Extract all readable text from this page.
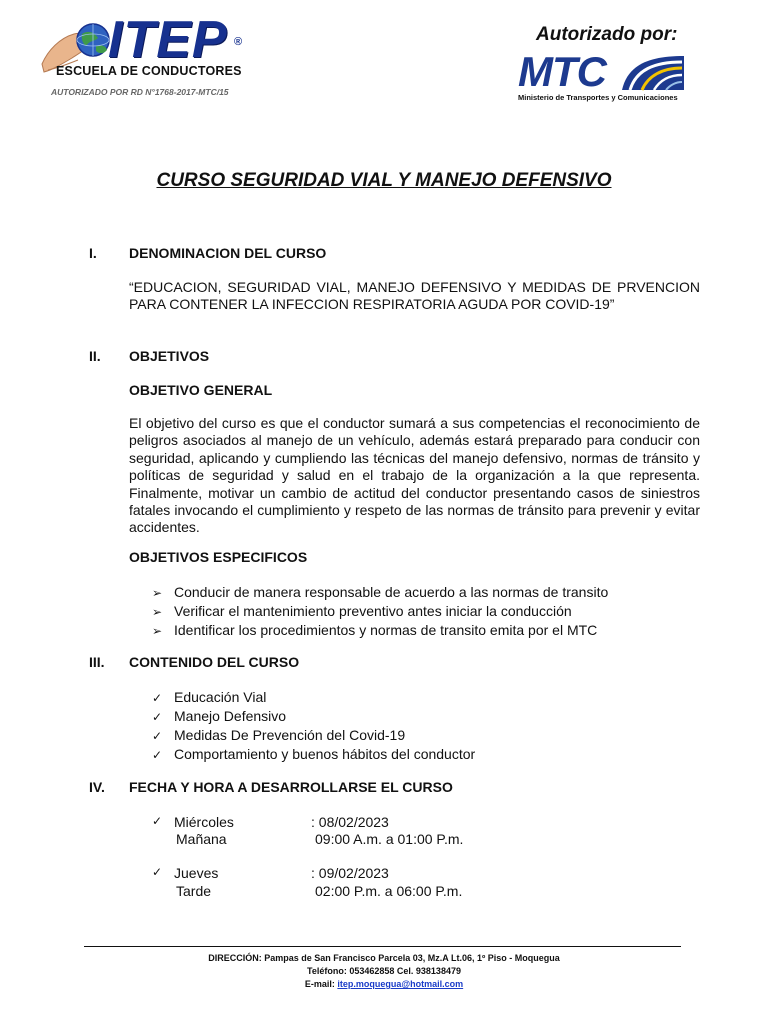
ITEP ®
ESCUELA DE CONDUCTORES
AUTORIZADO POR RD N°1768-2017-MTC/15
Autorizado por:
MTC
Ministerio de Transportes y Comunicaciones
CURSO SEGURIDAD VIAL Y MANEJO DEFENSIVO
I. DENOMINACION DEL CURSO
“EDUCACION, SEGURIDAD VIAL, MANEJO DEFENSIVO Y MEDIDAS DE PRVENCION PARA CONTENER LA INFECCION RESPIRATORIA AGUDA POR COVID-19”
II. OBJETIVOS
OBJETIVO GENERAL
El objetivo del curso es que el conductor sumará a sus competencias el reconocimiento de peligros asociados al manejo de un vehículo, además estará preparado para conducir con seguridad, aplicando y cumpliendo las técnicas del manejo defensivo, normas de tránsito y políticas de seguridad y salud en el trabajo de la organización a la que representa. Finalmente, motivar un cambio de actitud del conductor presentando casos de siniestros fatales invocando el cumplimiento y respeto de las normas de tránsito para prevenir y evitar accidentes.
OBJETIVOS ESPECIFICOS
➢ Conducir de manera responsable de acuerdo a las normas de transito
➢ Verificar el mantenimiento preventivo antes iniciar la conducción
➢ Identificar los procedimientos y normas de transito emita por el MTC
III. CONTENIDO DEL CURSO
✓ Educación Vial
✓ Manejo Defensivo
✓ Medidas De Prevención del Covid-19
✓ Comportamiento y buenos hábitos del conductor
IV. FECHA Y HORA A DESARROLLARSE EL CURSO
✓ Miércoles	: 08/02/2023
Mañana	09:00 A.m. a 01:00 P.m.
✓ Jueves	: 09/02/2023
Tarde	02:00 P.m. a 06:00 P.m.
DIRECCIÓN: Pampas de San Francisco Parcela 03, Mz.A Lt.06, 1º Piso - Moquegua
Teléfono: 053462858 Cel. 938138479
E-mail: itep.moquegua@hotmail.com
